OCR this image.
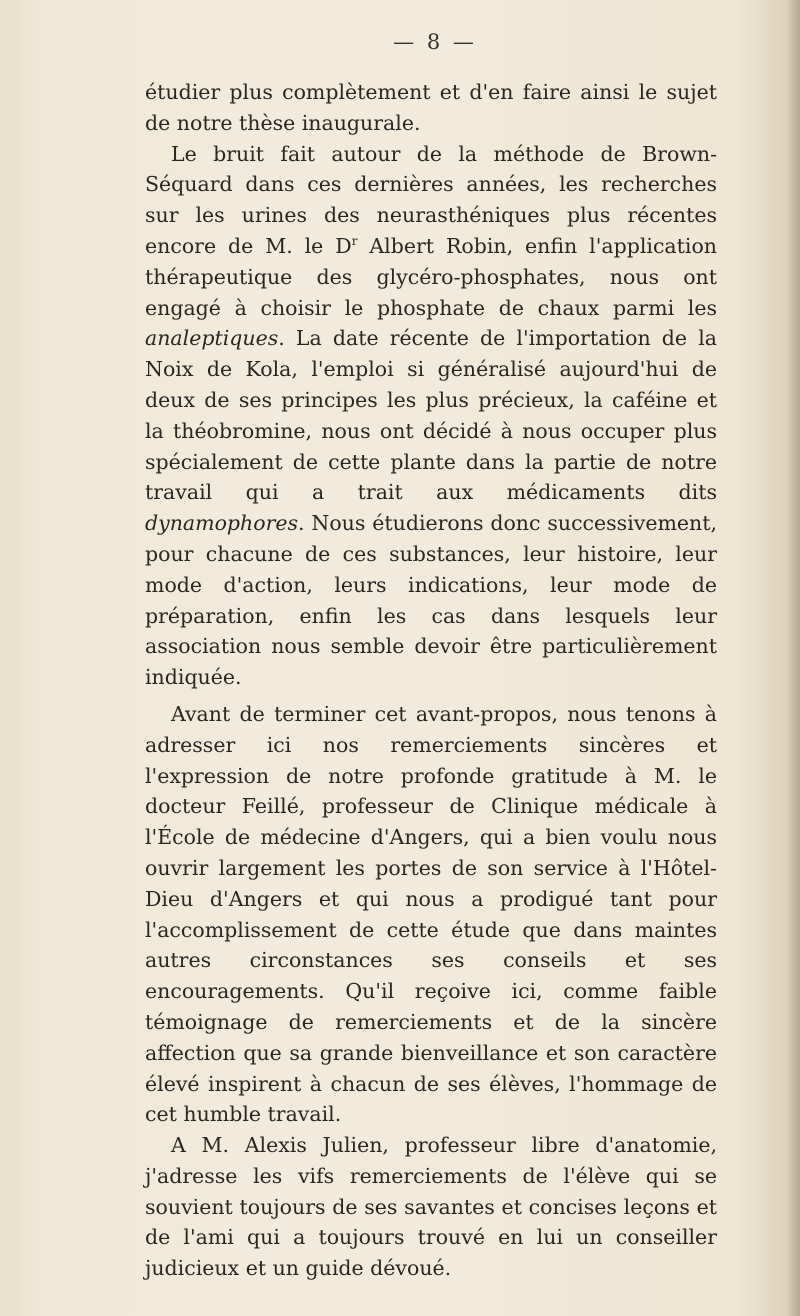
— 8 —

étudier plus complètement et d'en faire ainsi le sujet de notre thèse inaugurale.

Le bruit fait autour de la méthode de Brown-Séquard dans ces dernières années, les recherches sur les urines des neurasthéniques plus récentes encore de M. le $D^r$ Albert Robin, enfin l'application thérapeutique des glycéro-phosphates, nous ont engagé à choisir le phosphate de chaux parmi les analeptiques. La date récente de l'importation de la Noix de Kola, l'emploi si généralisé aujourd'hui de deux de ses principes les plus précieux, la caféine et la théobromine, nous ont décidé à nous occuper plus spécialement de cette plante dans la partie de notre travail qui a trait aux médicaments dits dynamophores. Nous étudierons donc successivement, pour chacune de ces substances, leur histoire, leur mode d'action, leurs indications, leur mode de préparation, enfin les cas dans lesquels leur association nous semble devoir être particulièrement indiquée.

Avant de terminer cet avant-propos, nous tenons à adresser ici nos remerciements sincères et l'expression de notre profonde gratitude à M. le docteur Feillé, professeur de Clinique médicale à l'École de médecine d'Angers, qui a bien voulu nous ouvrir largement les portes de son service à l'Hôtel-Dieu d'Angers et qui nous a prodigué tant pour l'accomplissement de cette étude que dans maintes autres circonstances ses conseils et ses encouragements. Qu'il reçoive ici, comme faible témoignage de remerciements et de la sincère affection que sa grande bienveillance et son caractère élevé inspirent à chacun de ses élèves, l'hommage de cet humble travail.

A M. Alexis Julien, professeur libre d'anatomie, j'adresse les vifs remerciements de l'élève qui se souvient toujours de ses savantes et concises leçons et de l'ami qui a toujours trouvé en lui un conseiller judicieux et un guide dévoué.
